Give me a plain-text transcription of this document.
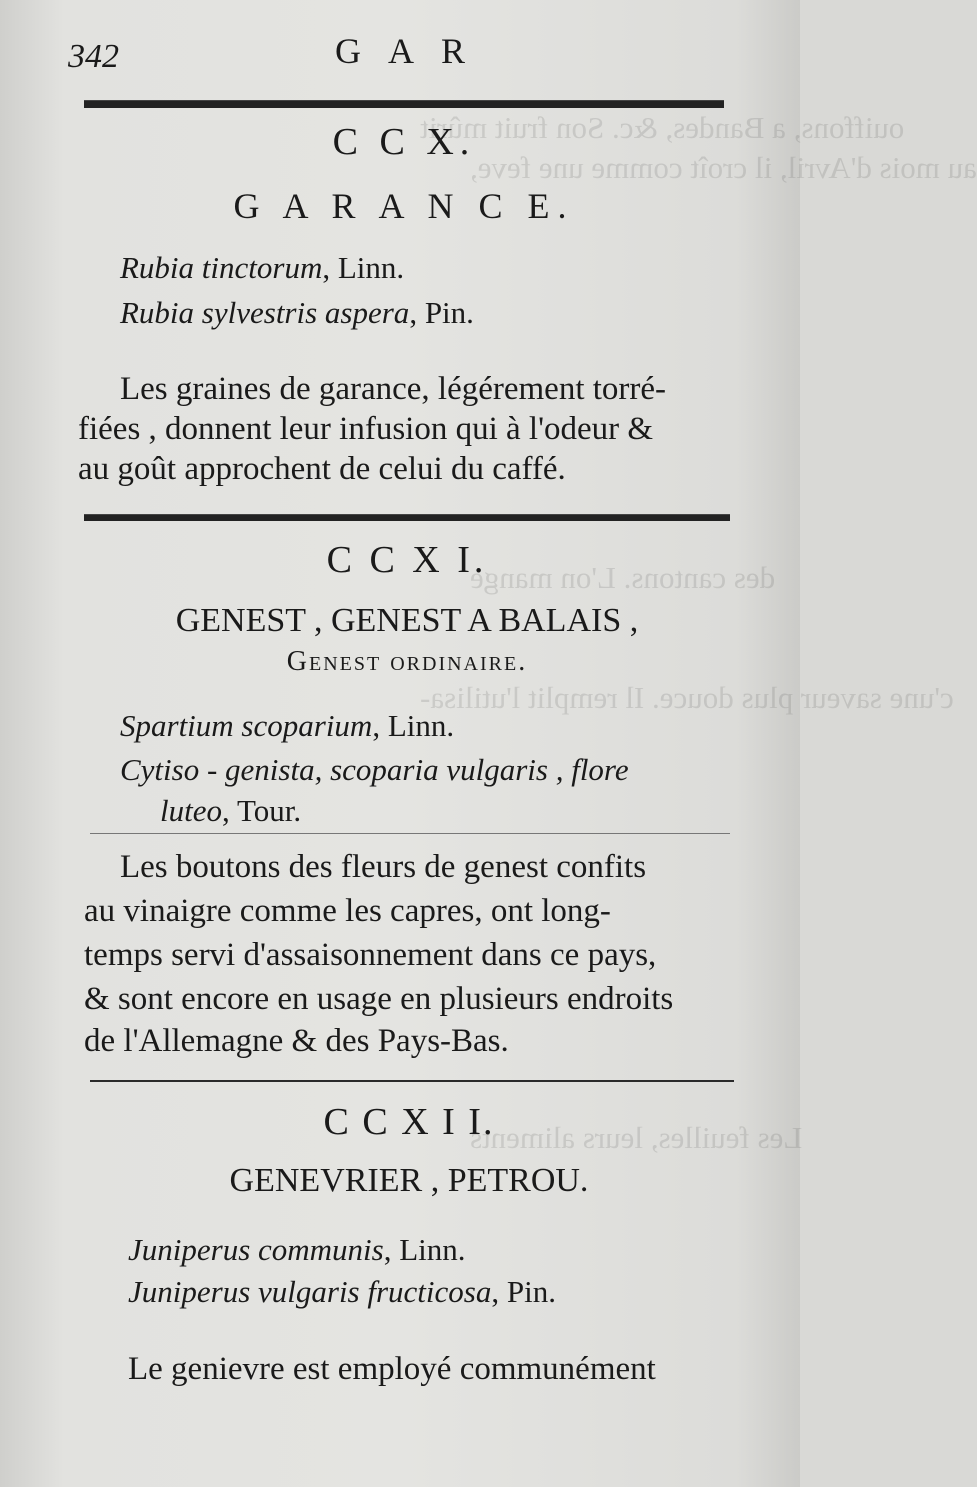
ouiffons, a Bandes, &c. Son fruit mûrit
au mois d'Avril, il croît comme une feve,
des cantons. L'on mange
c'une saveur plus douce. Il remplit l'utilisa-
Les feuilles, leurs aliments
342	G A R
C C X.
G A R A N C E.
Rubia tinctorum, Linn.
Rubia sylvestris aspera, Pin.
Les graines de garance, légérement torré-
fiées , donnent leur infusion qui à l'odeur &
au goût approchent de celui du caffé.
C C X I.
GENEST , GENEST A BALAIS ,
Genest ordinaire.
Spartium scoparium, Linn.
Cytiso - genista, scoparia vulgaris , flore
luteo, Tour.
Les boutons des fleurs de genest confits
au vinaigre comme les capres, ont long-
temps servi d'assaisonnement dans ce pays,
& sont encore en usage en plusieurs endroits
de l'Allemagne & des Pays-Bas.
C C X I I.
GENEVRIER , PETROU.
Juniperus communis, Linn.
Juniperus vulgaris fructicosa, Pin.
Le genievre est employé communément
